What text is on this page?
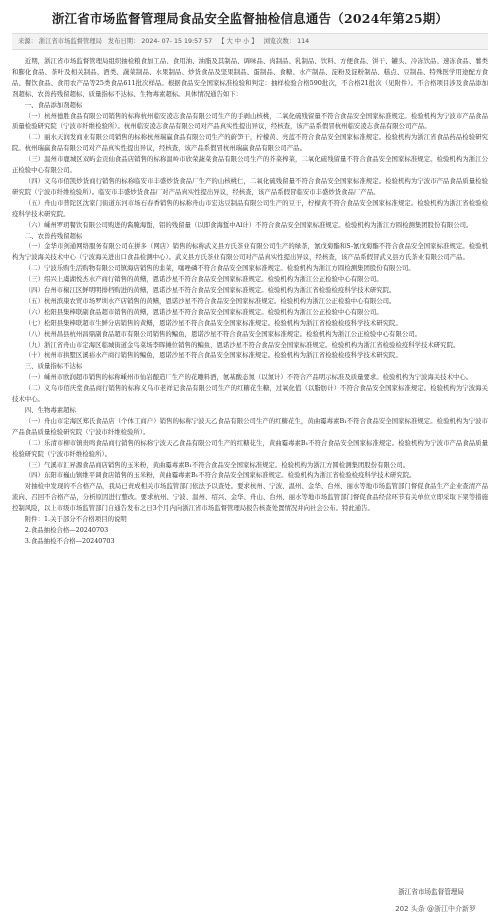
浙江省市场监督管理局食品安全监督抽检信息通告（2024年第25期）
来源： 浙江省市场监督管理局 发布日期： 2024- 07- 15 19:57 57 【 大 中 小 】 浏览次数： 114

近期，浙江省市场监督管理局组织抽检粮食加工品、食用油、油脂及其制品、调味品、肉制品、乳制品、饮料、方便食品、饼干、罐头、冷冻饮品、速冻食品、薯类和膨化食品、茶叶及相关制品、酒类、蔬菜制品、水果制品、炒货食品及坚果制品、蛋制品、食糖、水产制品、淀粉及淀粉制品、糕点、豆制品、特殊医学用途配方食品、餐饮食品、食用农产品等25类食品611批次样品。根据食品安全国家标准检验和判定：抽样检验合格590批次，不合格21批次（见附件）。不合格项目涉及食品添加剂超标、农兽药残留超标、质量指标不达标、生物毒素超标。具体情况通告如下：

一、食品添加剂超标

（一）杭州德胜食品有限公司销售的标称杭州临安凌志食品有限公司生产的手剥山核桃，二氧化硫残留量不符合食品安全国家标准规定。检验机构为宁波市产品食品质量检验研究院（宁波市纤维检验所）。杭州临安凌志食品有限公司对产品真实性提出异议，经核查，该产品系假冒杭州临安凌志食品有限公司产品。

（二）丽水天润发商业有限公司销售的标称杭州瑞赢食品有限公司生产的蔚笋干，柠檬黄、亮蓝不符合食品安全国家标准规定。检验机构为浙江省食品药品检验研究院。杭州瑞赢食品有限公司对产品真实性提出异议，经核查，该产品系假冒杭州瑞赢食品有限公司产品。

（三）温州市鹿城区双屿金贡仙食品店销售的标称温岭市欣荣蔬菜食品有限公司生产的芥菜榨菜，二氧化硫残留量不符合食品安全国家标准规定。检验机构为浙江公正检验中心有限公司。

（四）义乌市佰凯炒货商行销售的标称临安市丰盛炒货食品厂生产的山核桃仁，二氧化硫残留量不符合食品安全国家标准规定。检验机构为宁波市产品食品质量检验研究院（宁波市纤维检验所）。临安市丰盛炒货食品厂对产品真实性提出异议，经核查，该产品系假冒临安市丰盛炒货食品厂产品。

（五）舟山市普陀区沈家门街道东河市场石春香销售的标称舟山市宏达豆制品有限公司生产的豆干，柠檬黄不符合食品安全国家标准规定。检验机构为浙江省检验检疫科学技术研究院。

（六）嵊州罗玥餐饮有限公司购进的酱腌海蜇，铝的残留量（以即食海蜇中Al计）不符合食品安全国家标准规定。检验机构为浙江方圆检测集团股份有限公司。

二、农兽药残留超标

（一）金华市剑通网络服务有限公司在拼多（网店）销售的标称武义县方氏茶业有限公司生产的绿茶，氰戊菊酯和S-氰戊菊酯不符合食品安全国家标准规定。检验机构为宁波海关技术中心（宁波海关进出口食品检测中心）。武义县方氏茶业有限公司对产品真实性提出异议，经核查，该产品系假冒武义县方氏茶业有限公司产品。

（二）宁波乐购生活购物有限公司镇海店销售的韭菜，噻唑磷不符合食品安全国家标准规定。检验机构为浙江方圆检测集团股份有限公司。

（三）绍兴上虞湖悦杰水产商行销售的黄鳝，恩诺沙星不符合食品安全国家标准规定。检验机构为浙江公正检验中心有限公司。

（四）台州市椒江区鲜明明排档购进的黄鳝，恩诺沙星不符合食品安全国家标准规定。检验机构为浙江省检验检疫科学技术研究院。

（五）杭州滨康农贸市场罗圳水产店销售的黄鳝，恩诺沙星不符合食品安全国家标准规定。检验机构为浙江公正检验中心有限公司。

（六）松阳县集棒联副食品超市销售的黄鳝，恩诺沙星不符合食品安全国家标准规定。检验机构为浙江公正检验中心有限公司。

（七）松阳县集棒联超市生鲜分店销售的黄鳝，恩诺沙星不符合食品安全国家标准规定。检验机构为浙江省检验检疫科学技术研究院。

（八）杭州昌县杭州昌鼎副食品超市有限公司销售的鳊鱼，恩诺沙星不符合食品安全国家标准规定。检验机构为浙江公正检验中心有限公司。

（九）浙江省舟山市定海区临城街道金鸟菜场李晖摊位销售的鳊鱼，恩诺沙星不符合食品安全国家标准规定。检验机构为浙江省检验检疫科学技术研究院。

（十）杭州市拱墅区溪裕水产商行销售的鳊鱼，恩诺沙星不符合食品安全国家标准规定。检验机构为浙江省检验检疫科学技术研究院。

三、质量指标不达标

（一）嵊州市欧润超市销售的标称嵊州市仙岩酿造厂生产的花雕料酒，氨基酸态氮（以氮计）不符合产品明示标准及质量要求。检验机构为宁波海关技术中心。

（二）义乌市佰庆堂食品商行销售的标称义乌市老祥记食品有限公司生产的红糖花生糖，过氧化值（以脂肪计）不符合食品安全国家标准规定。检验机构为宁波海关技术中心。

四、生物毒素超标

（一）舟山市定海区郑氏食品店（个体工商户）销售的标称宁波天乙食品有限公司生产的红糖花生，黄曲霉毒素B₁不符合食品安全国家标准规定。检验机构为宁波市产品食品质量检验研究院（宁波市纤维检验所）。

（二）乐清市柳市镇贵鸣食品商行销售的标称宁波天乙食品有限公司生产的红糖花生，黄曲霉毒素B₁不符合食品安全国家标准规定。检验机构为宁波市产品食品质量检验研究院（宁波市纤维检验所）。

（三）气溪市汇昇源食品商店销售的玉米粉，黄曲霉毒素B₁不符合食品安全国家标准规定。检验机构为浙江方圆检测集团股份有限公司。

（四）东阳市巍山镇维平调食店销售的玉米粉，黄曲霉毒素B₁不符合食品安全国家标准规定。检验机构为浙江省检验检疫科学技术研究院。

对抽检中发现的不合格产品，我局已责成相关市场监管部门依法予以查处。要求杭州、宁波、温州、金华、台州、丽水等地市场监管部门督促食品生产企业查清产品流向、召回不合格产品，分析原因进行整改。要求杭州、宁波、温州、绍兴、金华、舟山、台州、丽水等地市场监管部门督促食品经营环节有关单位立即采取下架等措施控制风险，以上市级市场监管部门自通告发布之日3个月内向浙江省市场监督管理局报告核查处置情况并向社会公布。特此通告。

附件：1.关于部分不合格项目的说明

2.食品抽检合格—20240703

3.食品抽检不合格—20240703

浙江省市场监督管理局
202 头条 @浙江中介新罗
